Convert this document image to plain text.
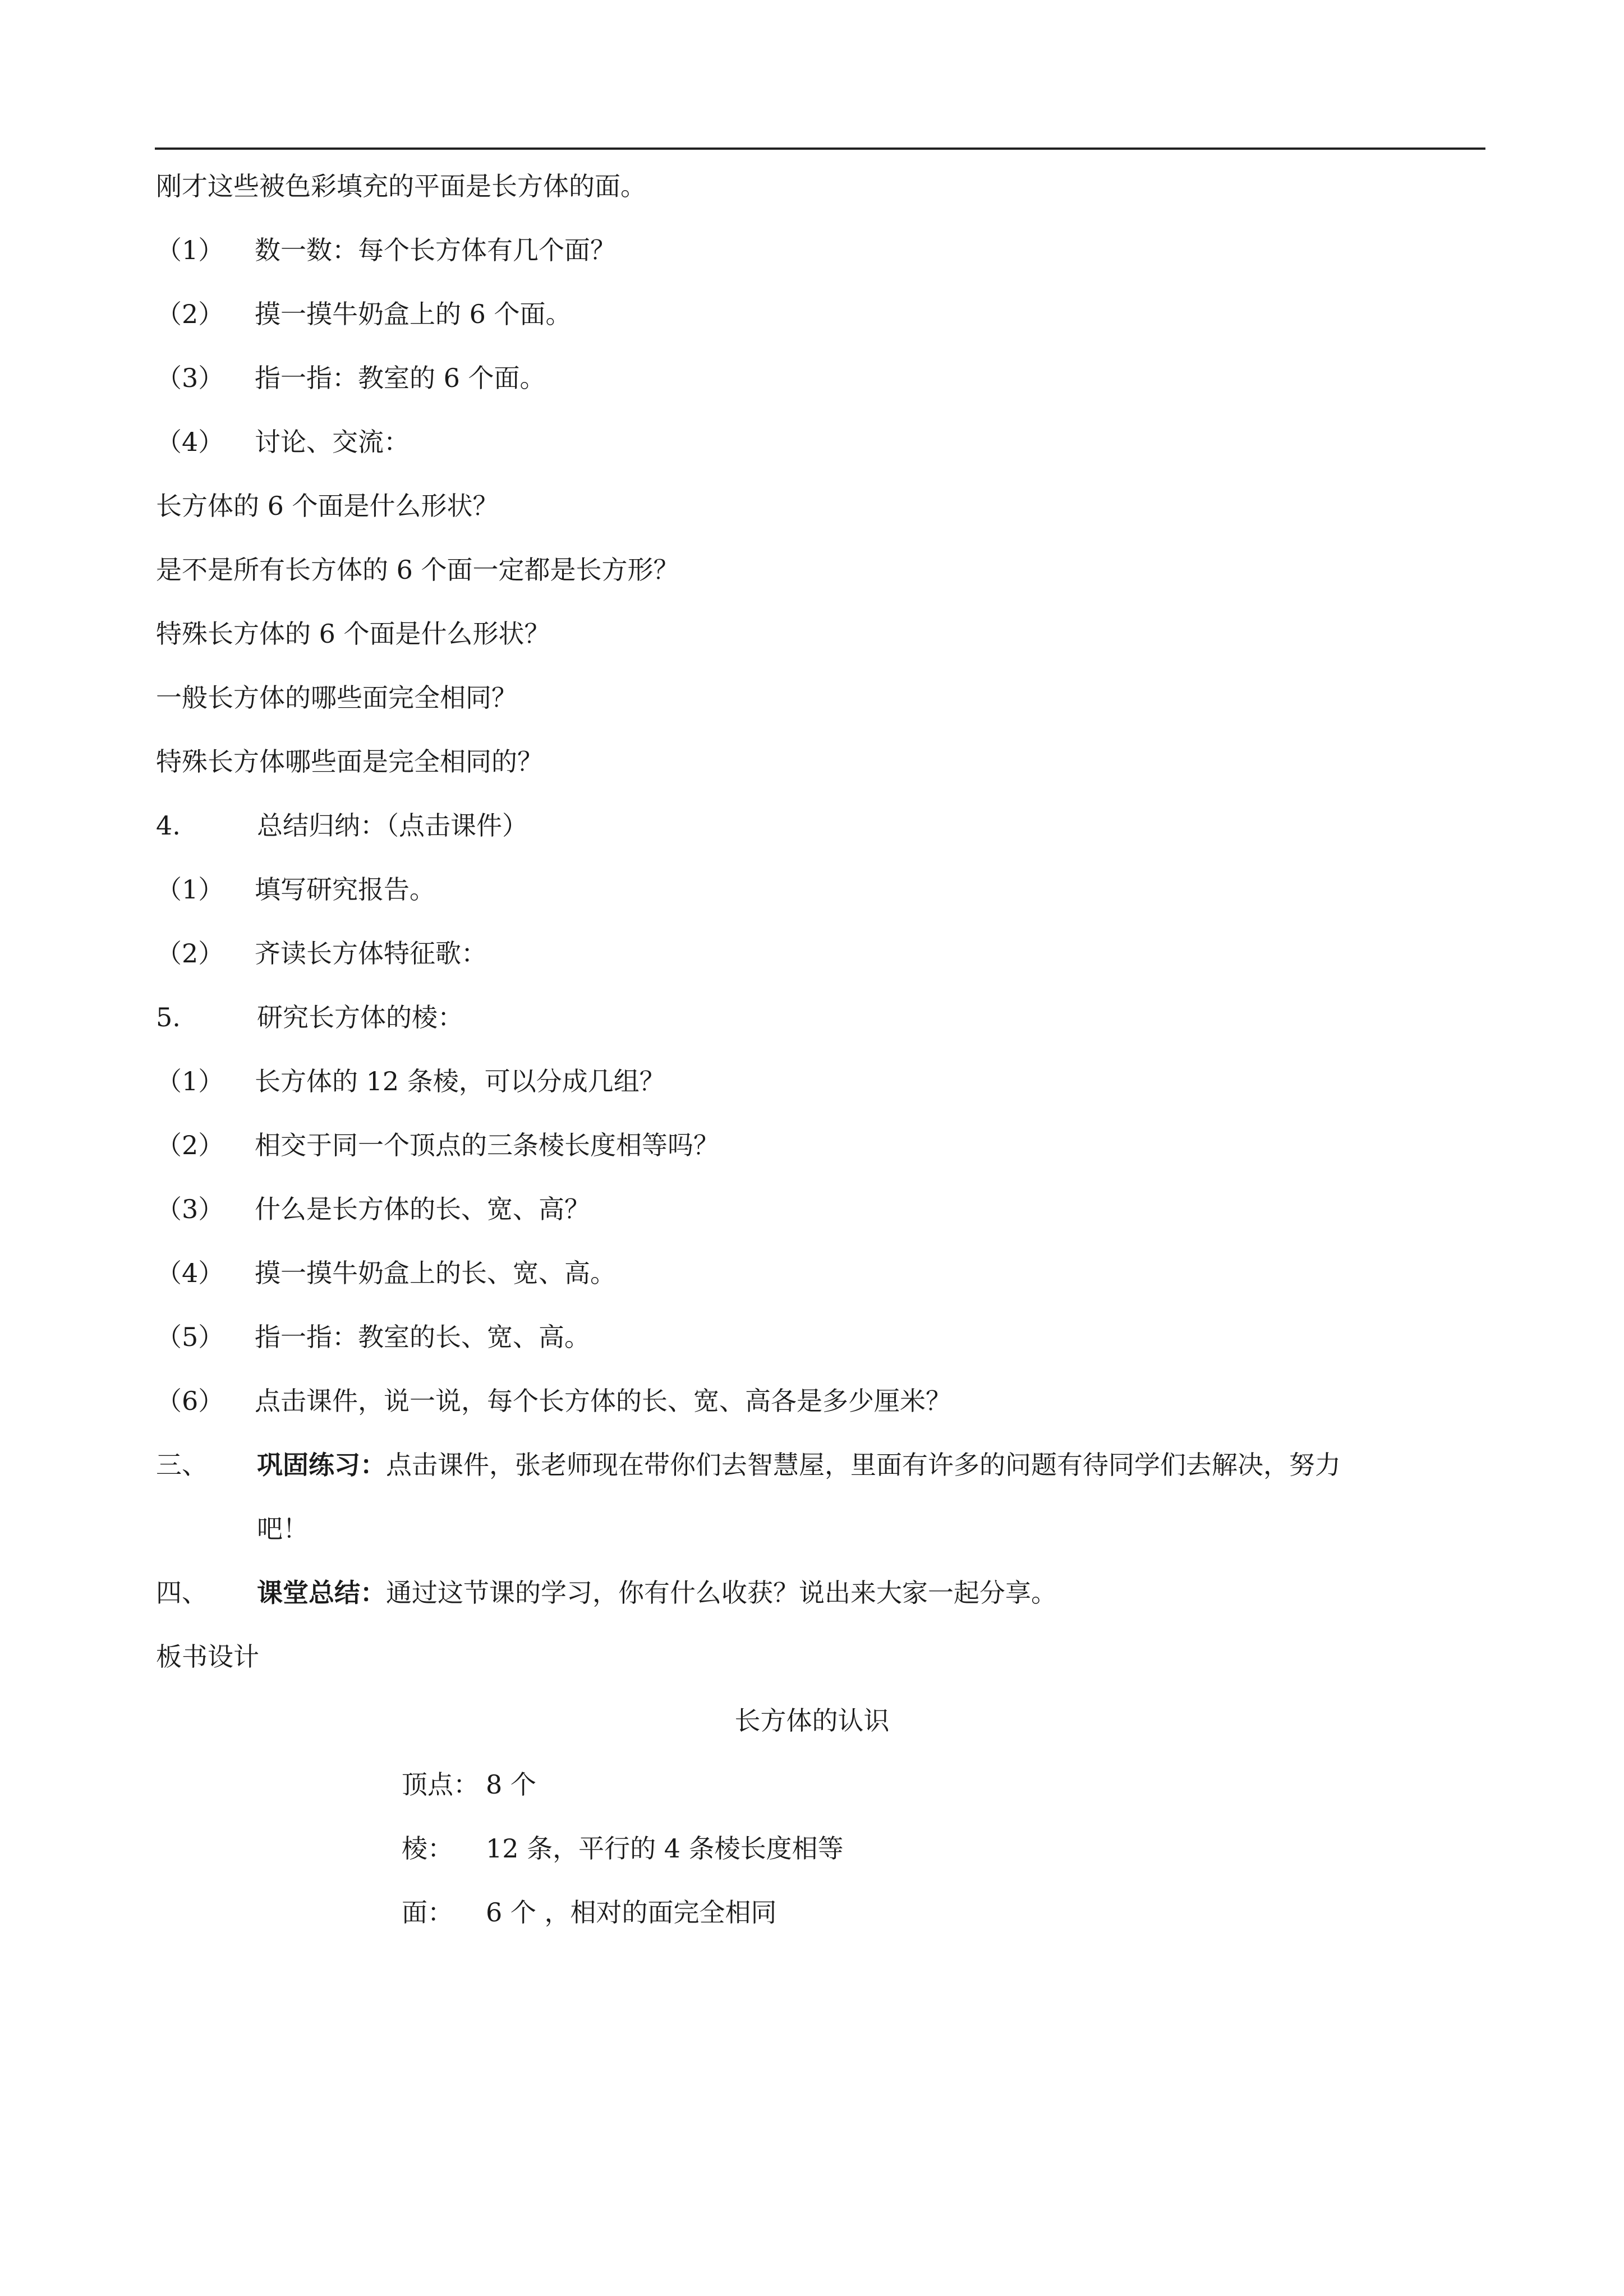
刚才这些被色彩填充的平面是长方体的面。
（1） 数一数：每个长方体有几个面？
（2） 摸一摸牛奶盒上的 6 个面。
（3） 指一指：教室的 6 个面。
（4） 讨论、交流：
长方体的 6 个面是什么形状？
是不是所有长方体的 6 个面一定都是长方形？
特殊长方体的 6 个面是什么形状？
一般长方体的哪些面完全相同？
特殊长方体哪些面是完全相同的？
4.	总结归纳：（点击课件）
（1） 填写研究报告。
（2） 齐读长方体特征歌：
5.	研究长方体的棱：
（1） 长方体的 12 条棱，可以分成几组？
（2） 相交于同一个顶点的三条棱长度相等吗？
（3） 什么是长方体的长、宽、高？
（4） 摸一摸牛奶盒上的长、宽、高。
（5） 指一指：教室的长、宽、高。
（6） 点击课件，说一说，每个长方体的长、宽、高各是多少厘米？
三、 巩固练习：点击课件，张老师现在带你们去智慧屋，里面有许多的问题有待同学们去解决，努力
吧！
四、 课堂总结：通过这节课的学习，你有什么收获？说出来大家一起分享。
板书设计
长方体的认识
顶点： 8 个
棱： 12 条，平行的 4 条棱长度相等
面： 6 个 ，相对的面完全相同
